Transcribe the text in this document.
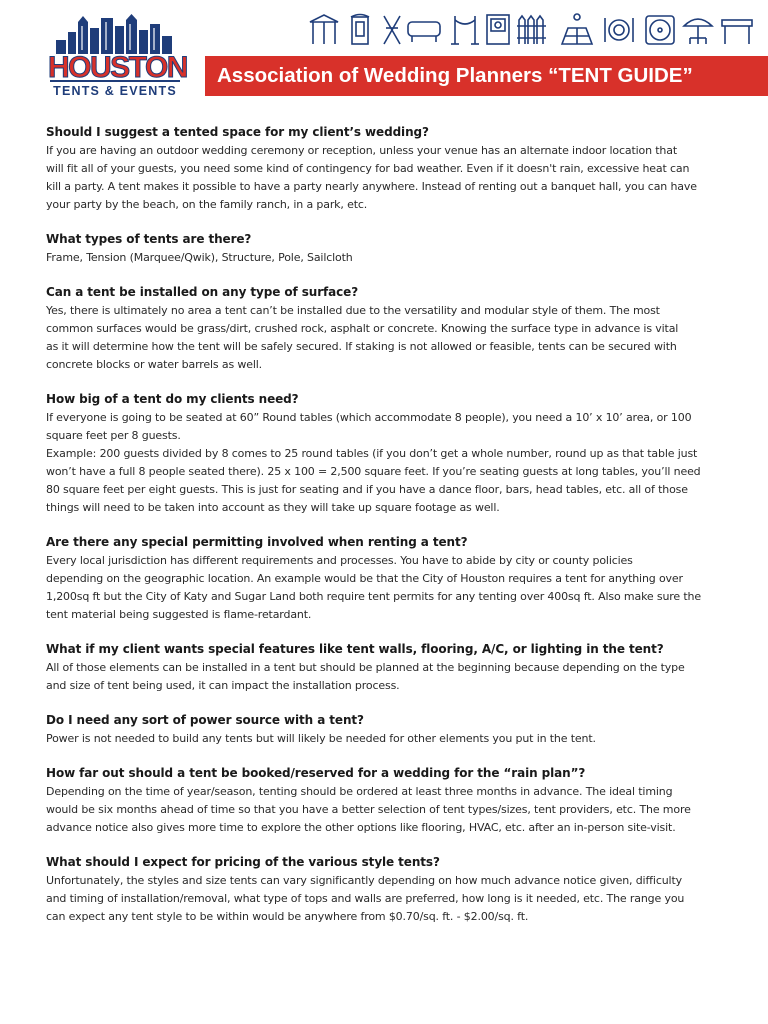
HOUSTON
TENTS & EVENTS
Association of Wedding Planners “TENT GUIDE”
Should I suggest a tented space for my client’s wedding?

If you are having an outdoor wedding ceremony or reception, unless your venue has an alternate indoor location that
will fit all of your guests, you need some kind of contingency for bad weather. Even if it doesn't rain, excessive heat can
kill a party. A tent makes it possible to have a party nearly anywhere. Instead of renting out a banquet hall, you can have
your party by the beach, on the family ranch, in a park, etc.

What types of tents are there?

Frame, Tension (Marquee/Qwik), Structure, Pole, Sailcloth

Can a tent be installed on any type of surface?

Yes, there is ultimately no area a tent can’t be installed due to the versatility and modular style of them. The most
common surfaces would be grass/dirt, crushed rock, asphalt or concrete. Knowing the surface type in advance is vital
as it will determine how the tent will be safely secured. If staking is not allowed or feasible, tents can be secured with
concrete blocks or water barrels as well.

How big of a tent do my clients need?

If everyone is going to be seated at 60” Round tables (which accommodate 8 people), you need a 10’ x 10’ area, or 100
square feet per 8 guests.
Example: 200 guests divided by 8 comes to 25 round tables (if you don’t get a whole number, round up as that table just
won’t have a full 8 people seated there). 25 x 100 = 2,500 square feet. If you’re seating guests at long tables, you’ll need
80 square feet per eight guests. This is just for seating and if you have a dance floor, bars, head tables, etc. all of those
things will need to be taken into account as they will take up square footage as well.

Are there any special permitting involved when renting a tent?

Every local jurisdiction has different requirements and processes. You have to abide by city or county policies
depending on the geographic location. An example would be that the City of Houston requires a tent for anything over
1,200sq ft but the City of Katy and Sugar Land both require tent permits for any tenting over 400sq ft. Also make sure the
tent material being suggested is flame-retardant.

What if my client wants special features like tent walls, flooring, A/C, or lighting in the tent?

All of those elements can be installed in a tent but should be planned at the beginning because depending on the type
and size of tent being used, it can impact the installation process.

Do I need any sort of power source with a tent?

Power is not needed to build any tents but will likely be needed for other elements you put in the tent.

How far out should a tent be booked/reserved for a wedding for the “rain plan”?

Depending on the time of year/season, tenting should be ordered at least three months in advance. The ideal timing
would be six months ahead of time so that you have a better selection of tent types/sizes, tent providers, etc. The more
advance notice also gives more time to explore the other options like flooring, HVAC, etc. after an in-person site-visit.

What should I expect for pricing of the various style tents?

Unfortunately, the styles and size tents can vary significantly depending on how much advance notice given, difficulty
and timing of installation/removal, what type of tops and walls are preferred, how long is it needed, etc. The range you
can expect any tent style to be within would be anywhere from $0.70/sq. ft. - $2.00/sq. ft.
